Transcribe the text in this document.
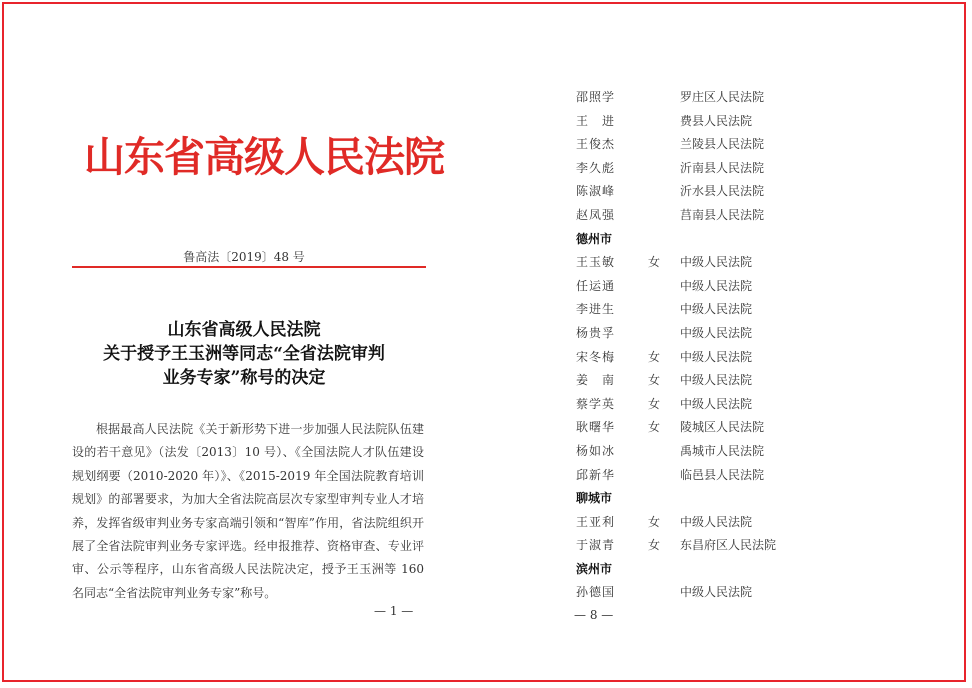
山东省高级人民法院
鲁高法〔2019〕48 号
山东省高级人民法院
关于授予王玉洲等同志“全省法院审判
业务专家”称号的决定
根据最高人民法院《关于新形势下进一步加强人民法院队伍建设的若干意见》（法发〔2013〕10 号）、《全国法院人才队伍建设规划纲要（2010-2020 年）》、《2015-2019 年全国法院教育培训规划》的部署要求，为加大全省法院高层次专家型审判专业人才培养，发挥省级审判业务专家高端引领和“智库”作用，省法院组织开展了全省法院审判业务专家评选。经申报推荐、资格审查、专业评审、公示等程序，山东省高级人民法院决定，授予王玉洲等 160 名同志“全省法院审判业务专家”称号。
— 1 —
邵照学	罗庄区人民法院
王　进	费县人民法院
王俊杰	兰陵县人民法院
李久彪	沂南县人民法院
陈淑峰	沂水县人民法院
赵凤强	莒南县人民法院
德州市
王玉敏	女 中级人民法院
任运通	中级人民法院
李进生	中级人民法院
杨贵孚	中级人民法院
宋冬梅	女 中级人民法院
姜　南	女 中级人民法院
蔡学英	女 中级人民法院
耿曙华	女 陵城区人民法院
杨如冰	禹城市人民法院
邱新华	临邑县人民法院
聊城市
王亚利	女 中级人民法院
于淑青	女 东昌府区人民法院
滨州市
孙德国	中级人民法院
— 8 —
